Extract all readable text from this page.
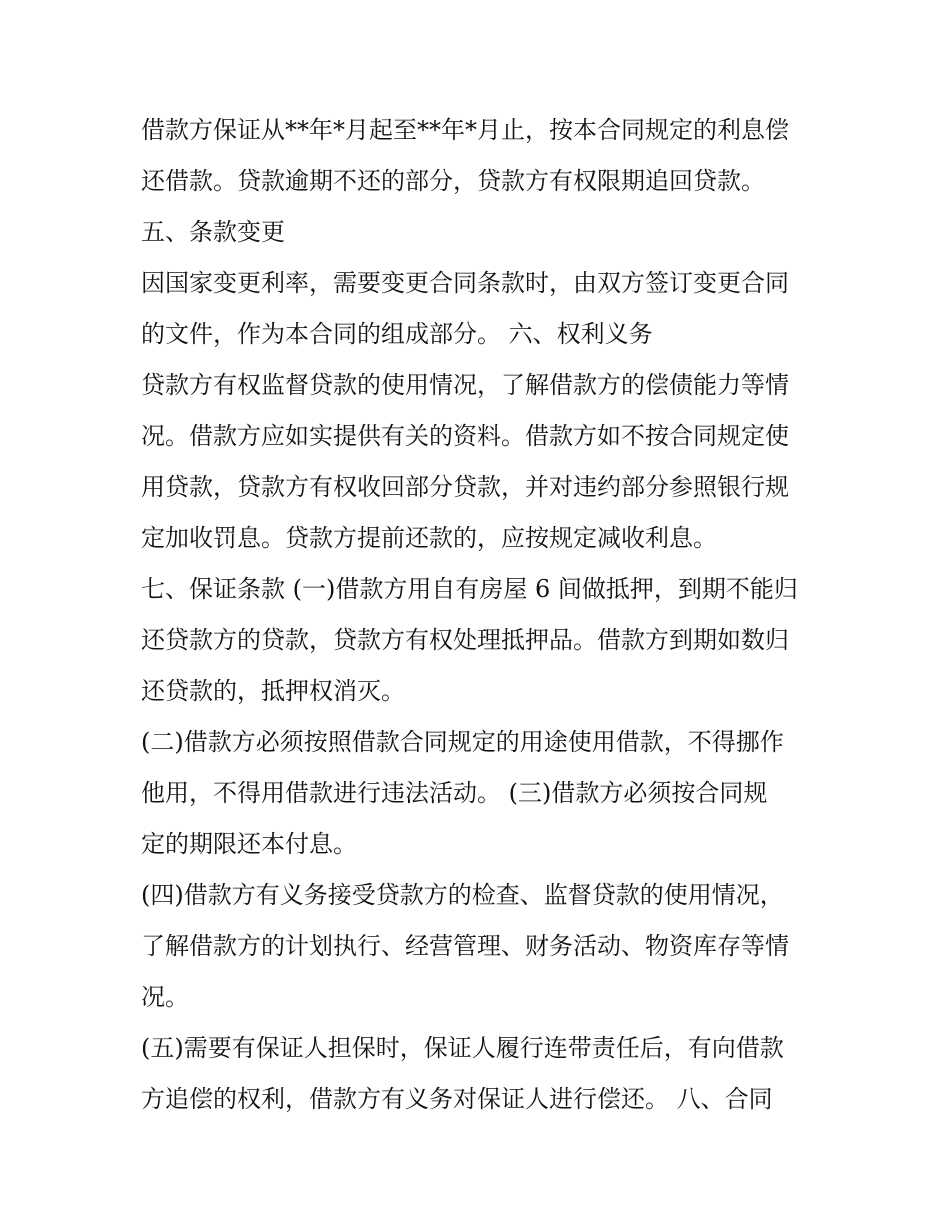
借款方保证从**年*月起至**年*月止，按本合同规定的利息偿
还借款。贷款逾期不还的部分，贷款方有权限期追回贷款。
五、条款变更
因国家变更利率，需要变更合同条款时，由双方签订变更合同
的文件，作为本合同的组成部分。 六、权利义务
贷款方有权监督贷款的使用情况，了解借款方的偿债能力等情
况。借款方应如实提供有关的资料。借款方如不按合同规定使
用贷款，贷款方有权收回部分贷款，并对违约部分参照银行规
定加收罚息。贷款方提前还款的，应按规定减收利息。
七、保证条款 (一)借款方用自有房屋 6 间做抵押，到期不能归
还贷款方的贷款，贷款方有权处理抵押品。借款方到期如数归
还贷款的，抵押权消灭。
(二)借款方必须按照借款合同规定的用途使用借款，不得挪作
他用，不得用借款进行违法活动。 (三)借款方必须按合同规
定的期限还本付息。
(四)借款方有义务接受贷款方的检查、监督贷款的使用情况，
了解借款方的计划执行、经营管理、财务活动、物资库存等情
况。
(五)需要有保证人担保时，保证人履行连带责任后，有向借款
方追偿的权利，借款方有义务对保证人进行偿还。 八、合同
